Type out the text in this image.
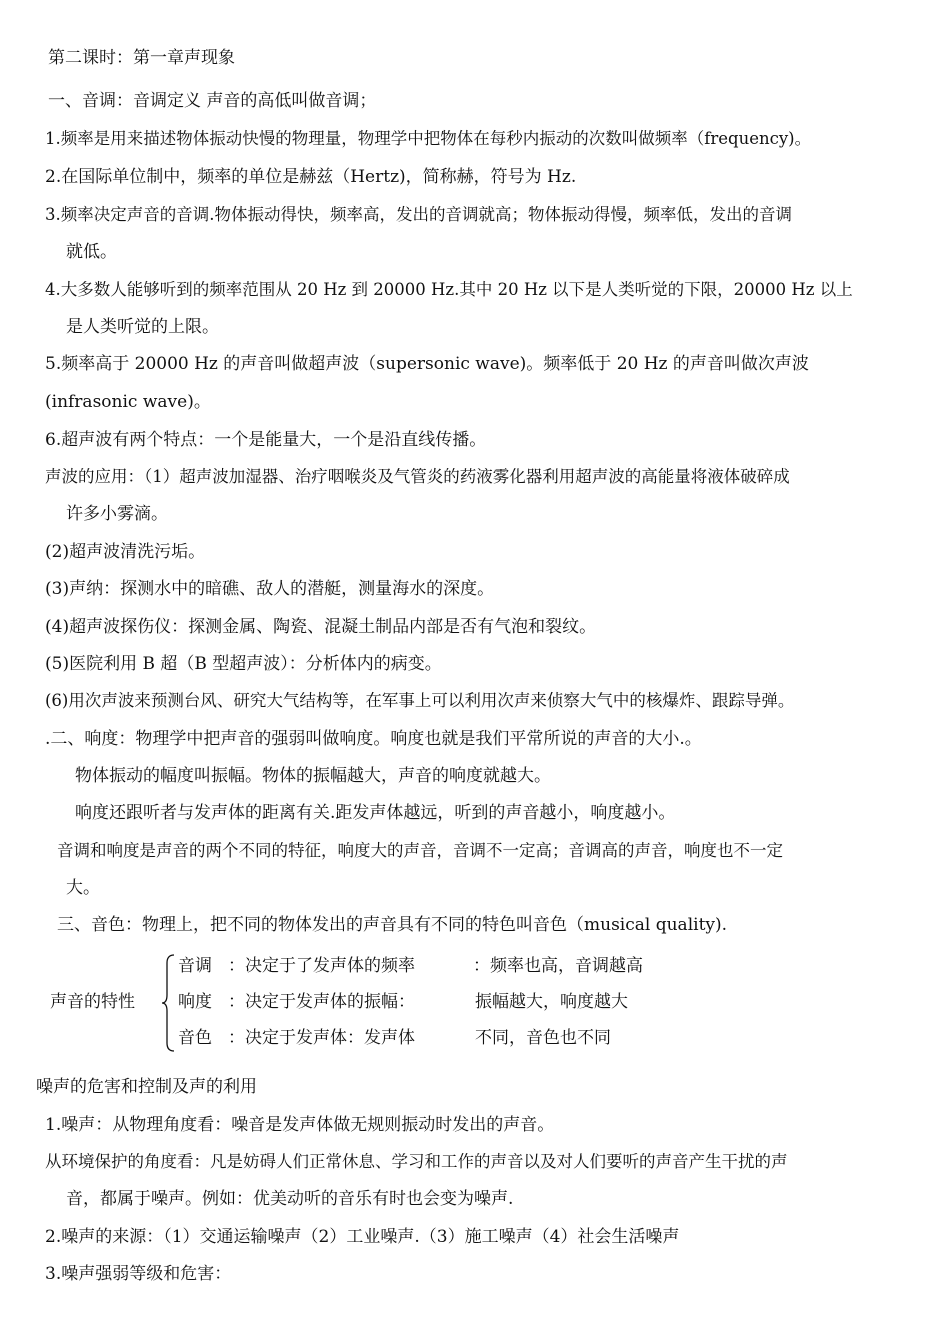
第二课时：第一章声现象
一、音调：音调定义 声音的高低叫做音调；
1.频率是用来描述物体振动快慢的物理量，物理学中把物体在每秒内振动的次数叫做频率（frequency)。
2.在国际单位制中，频率的单位是赫兹（Hertz)，简称赫，符号为 Hz.
3.频率决定声音的音调.物体振动得快，频率高，发出的音调就高；物体振动得慢，频率低，发出的音调
就低。
4.大多数人能够听到的频率范围从 20 Hz 到 20000 Hz.其中 20 Hz 以下是人类听觉的下限，20000 Hz 以上
是人类听觉的上限。
5.频率高于 20000 Hz 的声音叫做超声波（supersonic wave)。频率低于 20 Hz 的声音叫做次声波
(infrasonic wave)。
6.超声波有两个特点：一个是能量大，一个是沿直线传播。
声波的应用：（1）超声波加湿器、治疗咽喉炎及气管炎的药液雾化器利用超声波的高能量将液体破碎成
许多小雾滴。
(2)超声波清洗污垢。
(3)声纳：探测水中的暗礁、敌人的潜艇，测量海水的深度。
(4)超声波探伤仪：探测金属、陶瓷、混凝土制品内部是否有气泡和裂纹。
(5)医院利用 B 超（B 型超声波）：分析体内的病变。
(6)用次声波来预测台风、研究大气结构等，在军事上可以利用次声来侦察大气中的核爆炸、跟踪导弹。
.二、响度：物理学中把声音的强弱叫做响度。响度也就是我们平常所说的声音的大小.。
物体振动的幅度叫振幅。物体的振幅越大，声音的响度就越大。
响度还跟听者与发声体的距离有关.距发声体越远，听到的声音越小，响度越小。
音调和响度是声音的两个不同的特征，响度大的声音，音调不一定高；音调高的声音，响度也不一定
大。
三、音色：物理上，把不同的物体发出的声音具有不同的特色叫音色（musical quality).
声音的特性
音调 ：决定于了发声体的频率	：频率也高，音调越高
响度 ：决定于发声体的振幅：	振幅越大，响度越大
音色 ：决定于发声体：发声体	不同，音色也不同
噪声的危害和控制及声的利用
1.噪声：从物理角度看：噪音是发声体做无规则振动时发出的声音。
从环境保护的角度看：凡是妨碍人们正常休息、学习和工作的声音以及对人们要听的声音产生干扰的声
音，都属于噪声。例如：优美动听的音乐有时也会变为噪声.
2.噪声的来源：（1）交通运输噪声（2）工业噪声.（3）施工噪声（4）社会生活噪声
3.噪声强弱等级和危害：
